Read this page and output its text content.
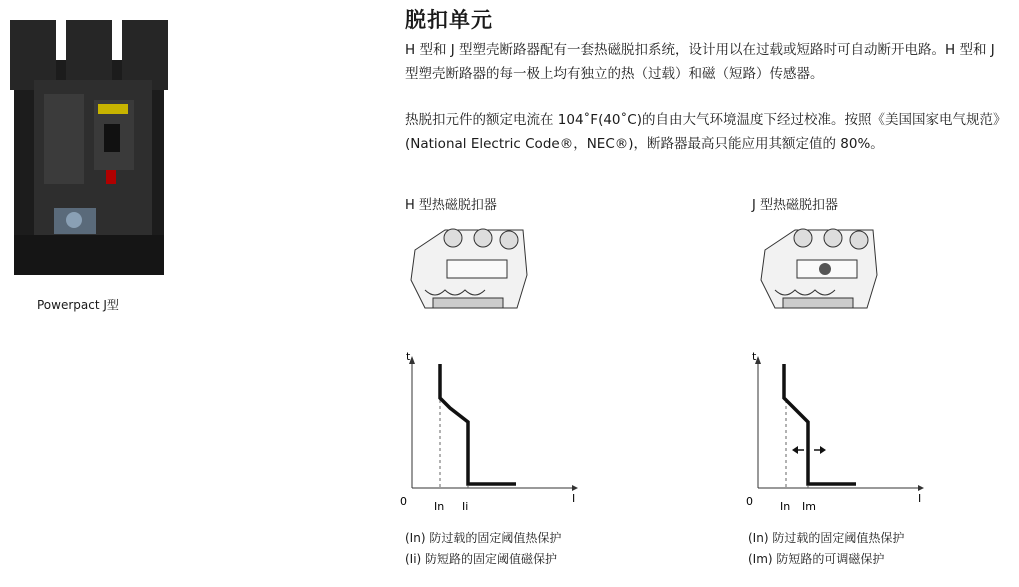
Powerpact J型
脱扣单元
H 型和 J 型塑壳断路器配有一套热磁脱扣系统，设计用以在过载或短路时可自动断开电路。H 型和 J 型塑壳断路器的每一极上均有独立的热（过载）和磁（短路）传感器。
热脱扣元件的额定电流在 104˚F(40˚C)的自由大气环境温度下经过校准。按照《美国国家电气规范》(National Electric Code®，NEC®)，断路器最高只能应用其额定值的 80%。
H 型热磁脱扣器
t
0	I
In Ii
(In) 防过载的固定阈值热保护
(Ii) 防短路的固定阈值磁保护
J 型热磁脱扣器
t
0	I
In Im
(In) 防过载的固定阈值热保护
(Im) 防短路的可调磁保护
